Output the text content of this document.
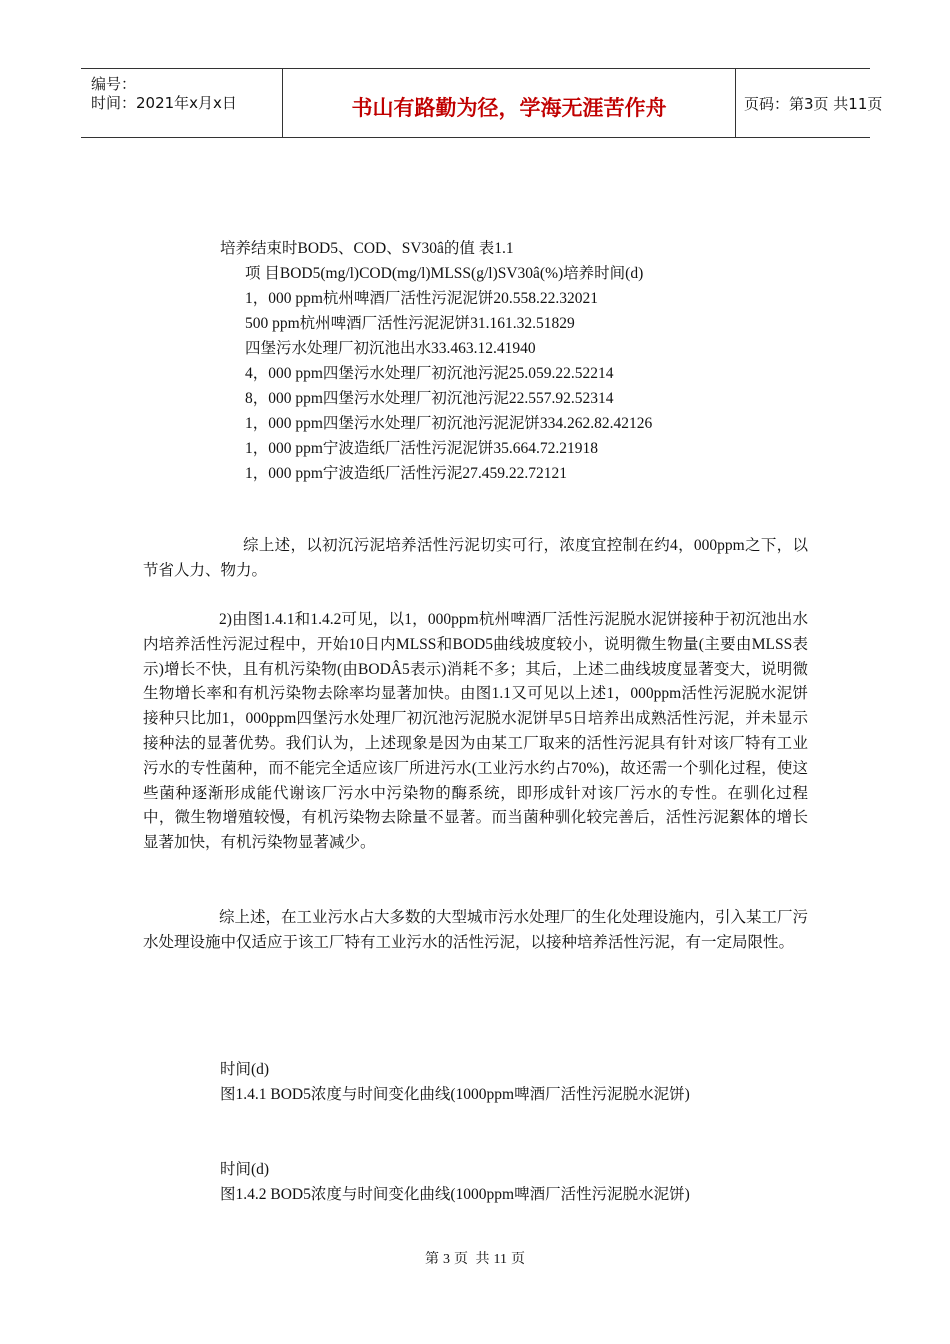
编号：
时间：2021年x月x日	书山有路勤为径，学海无涯苦作舟	页码：第3页 共11页
培养结束时BOD5、COD、SV30â的值 表1.1
项 目BOD5(mg/l)COD(mg/l)MLSS(g/l)SV30â(%)培养时间(d)
1，000 ppm杭州啤酒厂活性污泥泥饼20.558.22.32021
500 ppm杭州啤酒厂活性污泥泥饼31.161.32.51829
四堡污水处理厂初沉池出水33.463.12.41940
4，000 ppm四堡污水处理厂初沉池污泥25.059.22.52214
8，000 ppm四堡污水处理厂初沉池污泥22.557.92.52314
1，000 ppm四堡污水处理厂初沉池污泥泥饼334.262.82.42126
1，000 ppm宁波造纸厂活性污泥泥饼35.664.72.21918
1，000 ppm宁波造纸厂活性污泥27.459.22.72121
综上述，以初沉污泥培养活性污泥切实可行，浓度宜控制在约4，000ppm之下，以节省人力、物力。
2)由图1.4.1和1.4.2可见，以1，000ppm杭州啤酒厂活性污泥脱水泥饼接种于初沉池出水内培养活性污泥过程中，开始10日内MLSS和BOD5曲线坡度较小，说明微生物量(主要由MLSS表示)增长不快，且有机污染物(由BODÂ5表示)消耗不多；其后，上述二曲线坡度显著变大，说明微生物增长率和有机污染物去除率均显著加快。由图1.1又可见以上述1，000ppm活性污泥脱水泥饼接种只比加1，000ppm四堡污水处理厂初沉池污泥脱水泥饼早5日培养出成熟活性污泥，并未显示接种法的显著优势。我们认为，上述现象是因为由某工厂取来的活性污泥具有针对该厂特有工业污水的专性菌种，而不能完全适应该厂所进污水(工业污水约占70%)，故还需一个驯化过程，使这些菌种逐渐形成能代谢该厂污水中污染物的酶系统，即形成针对该厂污水的专性。在驯化过程中，微生物增殖较慢，有机污染物去除量不显著。而当菌种驯化较完善后，活性污泥絮体的增长显著加快，有机污染物显著减少。
综上述，在工业污水占大多数的大型城市污水处理厂的生化处理设施内，引入某工厂污水处理设施中仅适应于该工厂特有工业污水的活性污泥，以接种培养活性污泥，有一定局限性。
时间(d)
图1.4.1 BOD5浓度与时间变化曲线(1000ppm啤酒厂活性污泥脱水泥饼)
时间(d)
图1.4.2 BOD5浓度与时间变化曲线(1000ppm啤酒厂活性污泥脱水泥饼)
第 3 页 共 11 页
